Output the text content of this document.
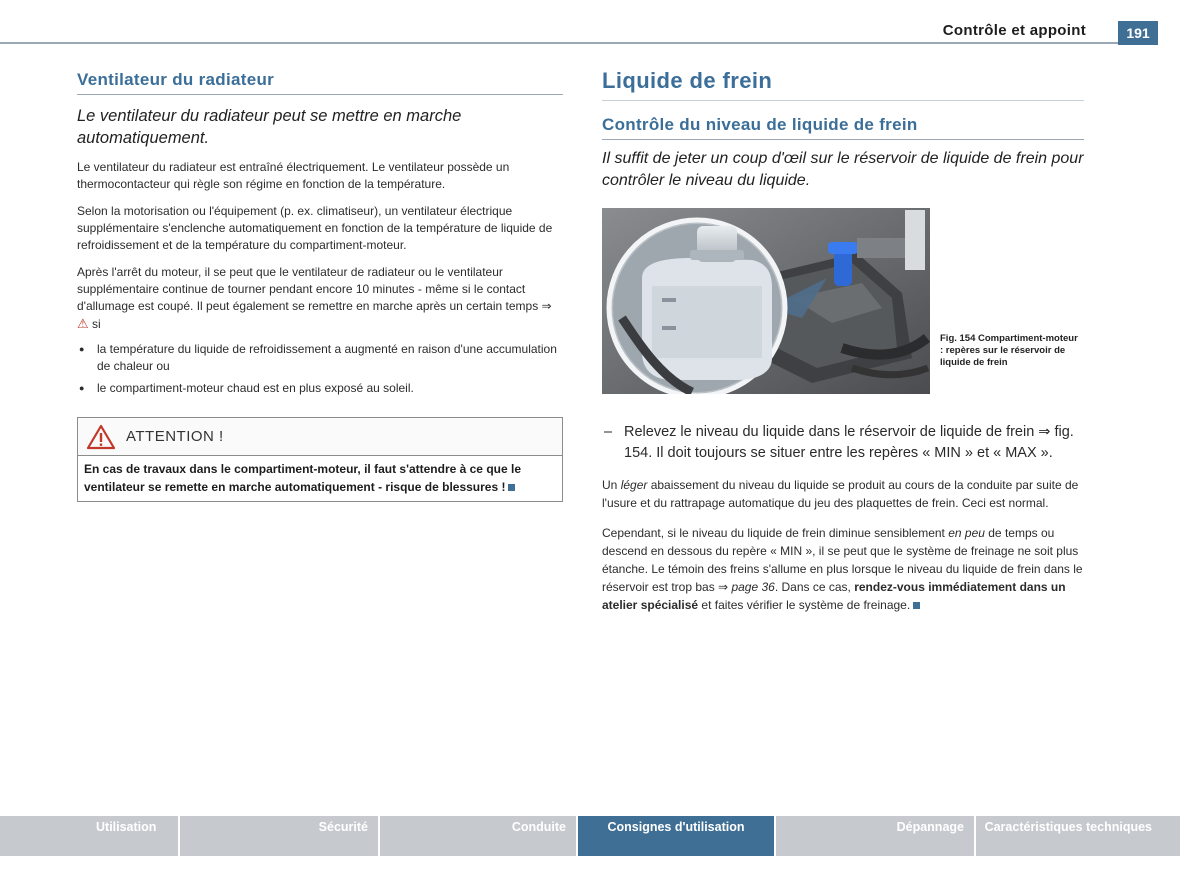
Contrôle et appoint	191
Ventilateur du radiateur

Le ventilateur du radiateur peut se mettre en marche automatiquement.

Le ventilateur du radiateur est entraîné électriquement. Le ventilateur possède un thermocontacteur qui règle son régime en fonction de la température.

Selon la motorisation ou l'équipement (p. ex. climatiseur), un ventilateur électrique supplémentaire s'enclenche automatiquement en fonction de la température de liquide de refroidissement et de la température du compartiment-moteur.

Après l'arrêt du moteur, il se peut que le ventilateur de radiateur ou le ventilateur supplémentaire continue de tourner pendant encore 10 minutes - même si le contact d'allumage est coupé. Il peut également se remettre en marche après un certain temps ⇒⚠ si

● la température du liquide de refroidissement a augmenté en raison d'une accumulation de chaleur ou
● le compartiment-moteur chaud est en plus exposé au soleil.
ATTENTION !
En cas de travaux dans le compartiment-moteur, il faut s'attendre à ce que le ventilateur se remette en marche automatiquement - risque de blessures !
Liquide de frein
Contrôle du niveau de liquide de frein

Il suffit de jeter un coup d'œil sur le réservoir de liquide de frein pour contrôler le niveau du liquide.

Fig. 154 Compartiment-moteur : repères sur le réservoir de liquide de frein

– Relevez le niveau du liquide dans le réservoir de liquide de frein ⇒ fig. 154. Il doit toujours se situer entre les repères « MIN » et « MAX ».

Un léger abaissement du niveau du liquide se produit au cours de la conduite par suite de l'usure et du rattrapage automatique du jeu des plaquettes de frein. Ceci est normal.

Cependant, si le niveau du liquide de frein diminue sensiblement en peu de temps ou descend en dessous du repère « MIN », il se peut que le système de freinage ne soit plus étanche. Le témoin des freins s'allume en plus lorsque le niveau du liquide de frein dans le réservoir est trop bas ⇒ page 36. Dans ce cas, rendez-vous immédiatement dans un atelier spécialisé et faites vérifier le système de freinage.

Utilisation	Sécurité	Conduite	Consignes d'utilisation	Dépannage	Caractéristiques techniques
